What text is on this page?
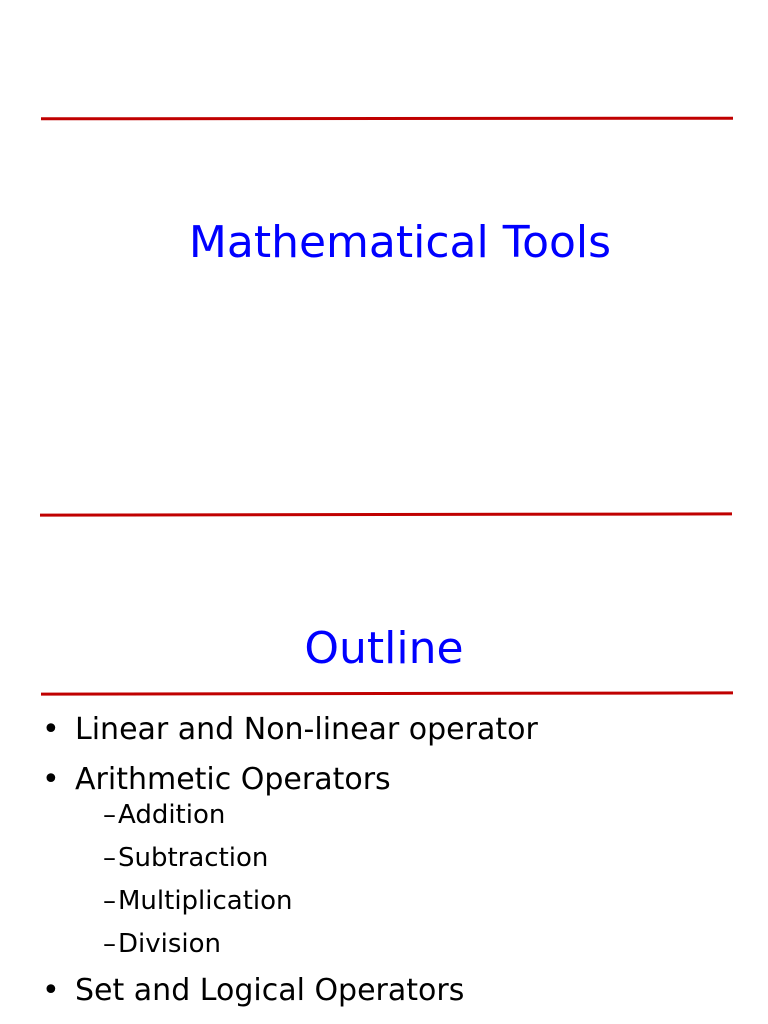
Mathematical Tools
Outline
• Linear and Non-linear operator
• Arithmetic Operators
– Addition
– Subtraction
– Multiplication
– Division
• Set and Logical Operators
